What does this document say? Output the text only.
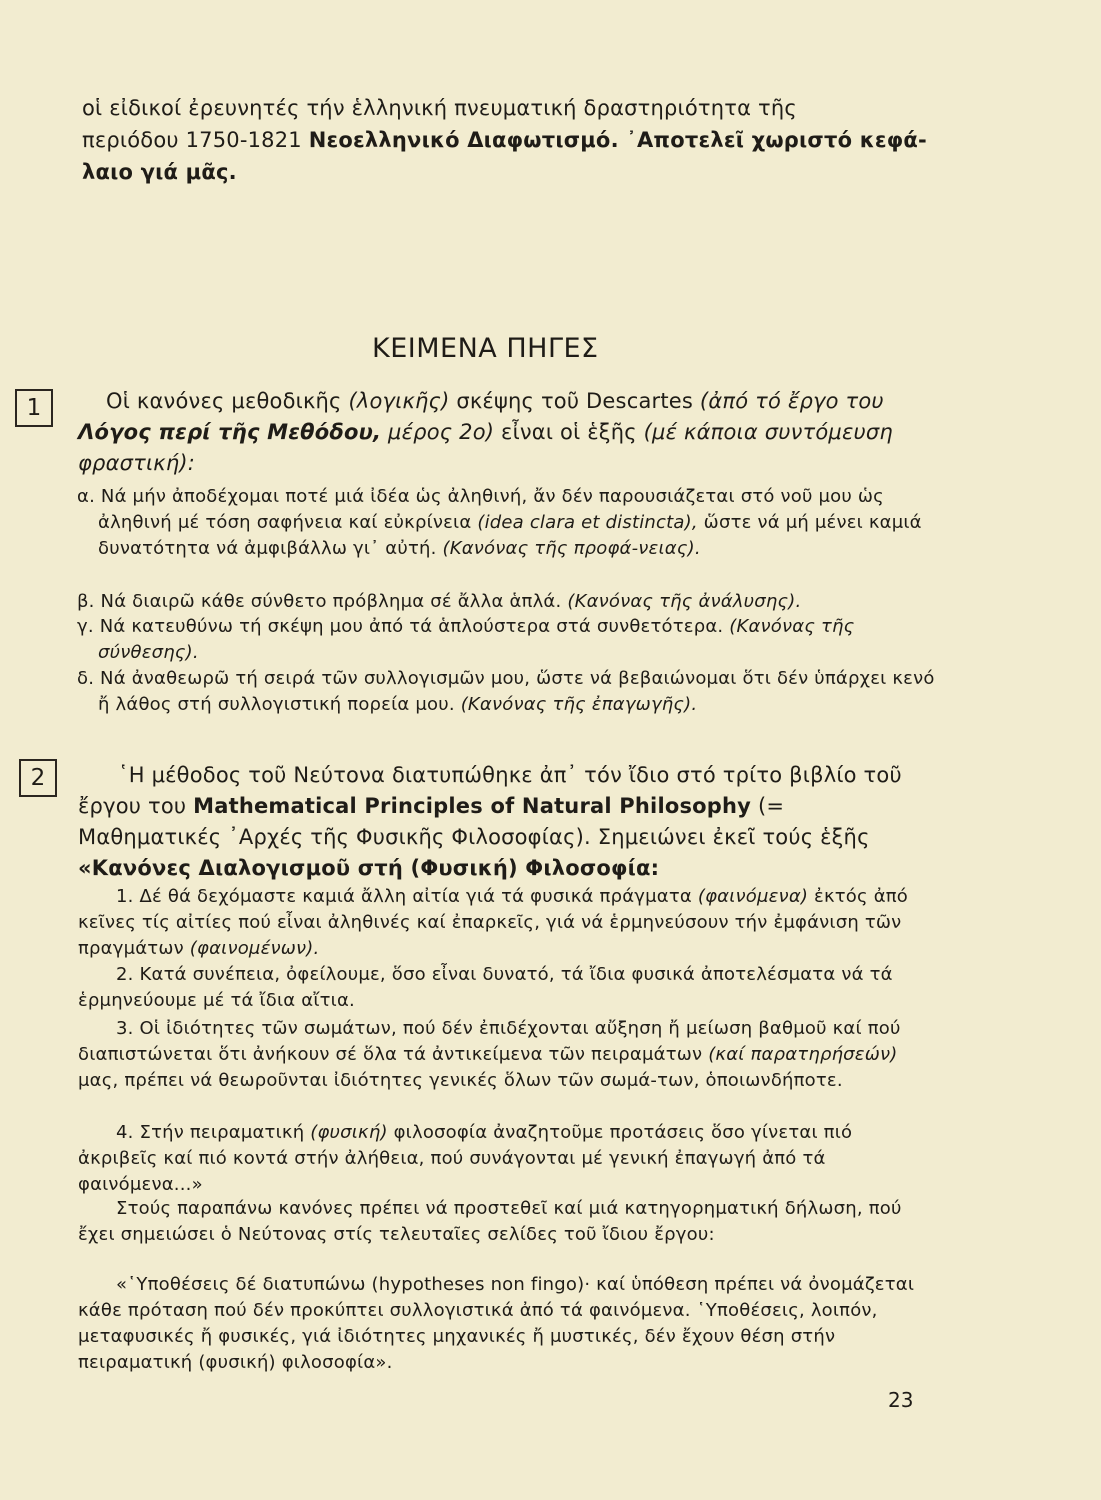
οἱ εἰδικοί ἐρευνητές τήν ἑλληνική πνευματική δραστηριότητα τῆς
περιόδου 1750-1821 Νεοελληνικό Διαφωτισμό. ᾽Αποτελεῖ χωριστό κεφά-
λαιο γιά μᾶς.
ΚΕΙΜΕΝΑ ΠΗΓΕΣ
1	Οἱ κανόνες μεθοδικῆς (λογικῆς) σκέψης τοῦ Descartes (ἀπό τό ἔργο του Λόγος περί τῆς Μεθόδου, μέρος 2ο) εἶναι οἱ ἑξῆς (μέ κάποια συντόμευση φραστική):
α. Νά μήν ἀποδέχομαι ποτέ μιά ἰδέα ὡς ἀληθινή, ἄν δέν παρουσιάζεται στό νοῦ μου ὡς ἀληθινή μέ τόση σαφήνεια καί εὐκρίνεια (idea clara et distincta), ὥστε νά μή μένει καμιά δυνατότητα νά ἀμφιβάλλω γι᾽ αὐτή. (Κανόνας τῆς προφά-νειας).
β. Νά διαιρῶ κάθε σύνθετο πρόβλημα σέ ἄλλα ἁπλά. (Κανόνας τῆς ἀνάλυσης).
γ. Νά κατευθύνω τή σκέψη μου ἀπό τά ἁπλούστερα στά συνθετότερα. (Κανόνας τῆς σύνθεσης).
δ. Νά ἀναθεωρῶ τή σειρά τῶν συλλογισμῶν μου, ὥστε νά βεβαιώνομαι ὅτι δέν ὑπάρχει κενό ἤ λάθος στή συλλογιστική πορεία μου. (Κανόνας τῆς ἐπαγωγῆς).
2	῾Η μέθοδος τοῦ Νεύτονα διατυπώθηκε ἀπ᾽ τόν ἴδιο στό τρίτο βιβλίο τοῦ ἔργου του Mathematical Principles of Natural Philosophy (= Μαθηματικές ᾽Αρχές τῆς Φυσικῆς Φιλοσοφίας). Σημειώνει ἐκεῖ τούς ἑξῆς «Κανόνες Διαλογισμοῦ στή (Φυσική) Φιλοσοφία:
1. Δέ θά δεχόμαστε καμιά ἄλλη αἰτία γιά τά φυσικά πράγματα (φαινόμενα) ἐκτός ἀπό κεῖνες τίς αἰτίες πού εἶναι ἀληθινές καί ἐπαρκεῖς, γιά νά ἑρμηνεύσουν τήν ἐμφάνιση τῶν πραγμάτων (φαινομένων).
2. Κατά συνέπεια, ὀφείλουμε, ὅσο εἶναι δυνατό, τά ἴδια φυσικά ἀποτελέσματα νά τά ἑρμηνεύουμε μέ τά ἴδια αἴτια.
3. Οἱ ἰδιότητες τῶν σωμάτων, πού δέν ἐπιδέχονται αὔξηση ἤ μείωση βαθμοῦ καί πού διαπιστώνεται ὅτι ἀνήκουν σέ ὅλα τά ἀντικείμενα τῶν πειραμάτων (καί παρατηρήσεών) μας, πρέπει νά θεωροῦνται ἰδιότητες γενικές ὅλων τῶν σωμά-των, ὁποιωνδήποτε.
4. Στήν πειραματική (φυσική) φιλοσοφία ἀναζητοῦμε προτάσεις ὅσο γίνεται πιό ἀκριβεῖς καί πιό κοντά στήν ἀλήθεια, πού συνάγονται μέ γενική ἐπαγωγή ἀπό τά φαινόμενα...»
Στούς παραπάνω κανόνες πρέπει νά προστεθεῖ καί μιά κατηγορηματική δήλωση, πού ἔχει σημειώσει ὁ Νεύτονας στίς τελευταῖες σελίδες τοῦ ἴδιου ἔργου:
«῾Υποθέσεις δέ διατυπώνω (hypotheses non fingo)· καί ὑπόθεση πρέπει νά ὀνομάζεται κάθε πρόταση πού δέν προκύπτει συλλογιστικά ἀπό τά φαινόμενα. ῾Υποθέσεις, λοιπόν, μεταφυσικές ἤ φυσικές, γιά ἰδιότητες μηχανικές ἤ μυστικές, δέν ἔχουν θέση στήν πειραματική (φυσική) φιλοσοφία».
23
